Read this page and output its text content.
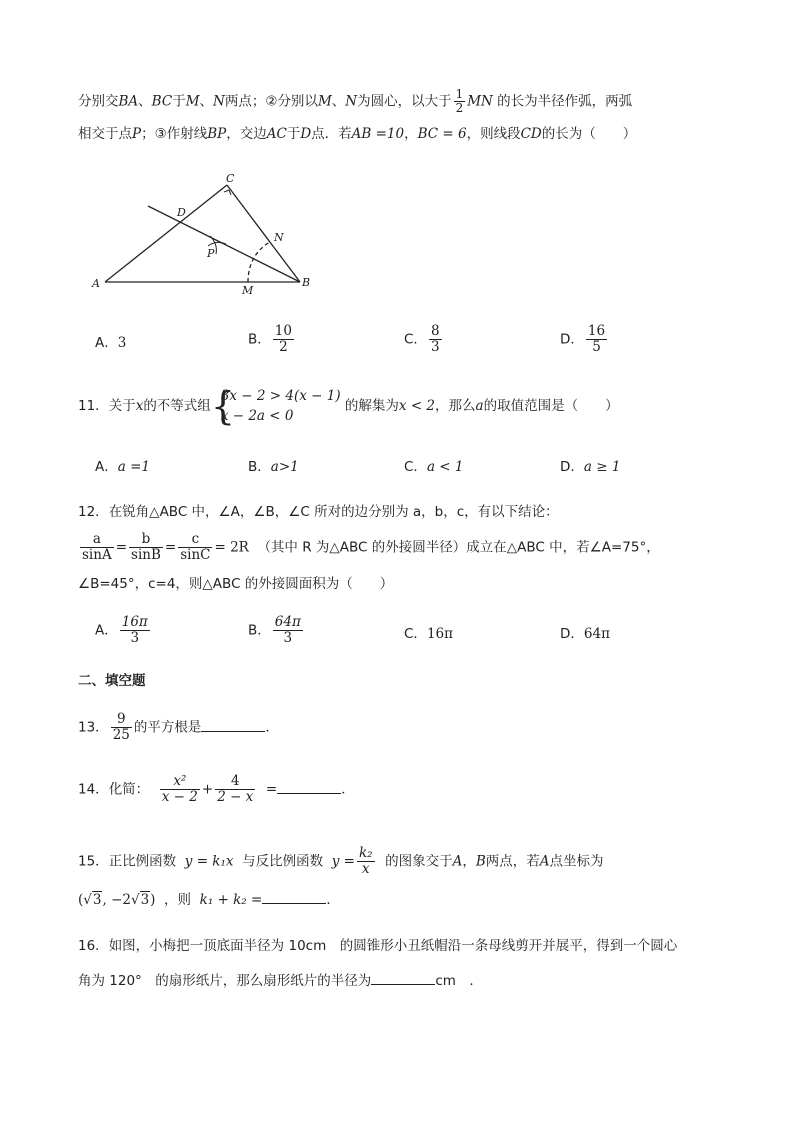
分别交BA、BC于M、N两点；②分别以M、N为圆心，以大于 $\frac{1}{2}$ MN 的长为半径作弧，两弧
相交于点P；③作射线BP，交边AC于D点．若AB =10，BC = 6，则线段CD的长为（　　）
A	B
C
D
N
P
M
A．3	B． $\frac{10}{2}$	C． $\frac{8}{3}$	D． $\frac{16}{5}$
11．关于x的不等式组 {
3x − 2 > 4(x − 1)
x − 2a < 0
的解集为x < 2，那么a的取值范围是（　　）
A．a =1	B．a>1	C．a < 1	D．a ≥ 1
12．在锐角△ABC 中，∠A，∠B，∠C 所对的边分别为 a，b，c，有以下结论：
$\frac{a}{\sin A} = \frac{b}{\sin B} = \frac{c}{\sin C} = 2R$ （其中 R 为△ABC 的外接圆半径）成立在△ABC 中，若∠A=75°，
∠B=45°，c=4，则△ABC 的外接圆面积为（　　）
A． $\frac{16\pi}{3}$	B． $\frac{64\pi}{3}$	C．16π	D．64π
二、填空题
13． $\frac{9}{25}$ 的平方根是	．
14．化简： $\frac{\text{x²}}{x - 2} + \frac{4}{2 - x}$ =	．
15．正比例函数 y = k₁x 与反比例函数 $y = \frac{\text{k₂}}{x}$ 的图象交于A，B两点，若A点坐标为
(√3, −2√3) ，则 k₁ + k₂ =	．
16．如图，小梅把一顶底面半径为 10cm　的圆锥形小丑纸帽沿一条母线剪开并展平，得到一个圆心
角为 120°　的扇形纸片，那么扇形纸片的半径为	cm　．
